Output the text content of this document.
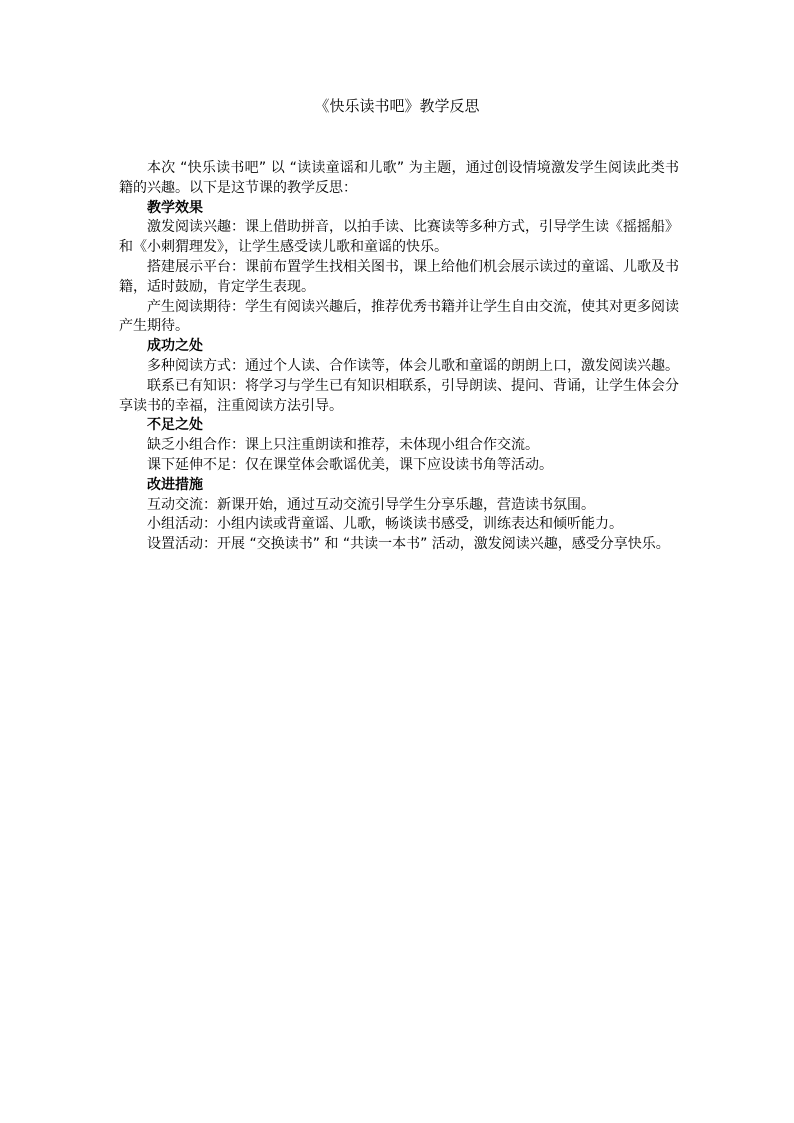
《快乐读书吧》教学反思

本次 “快乐读书吧” 以 “读读童谣和儿歌” 为主题，通过创设情境激发学生阅读此类书籍的兴趣。以下是这节课的教学反思：

教学效果

激发阅读兴趣：课上借助拼音，以拍手读、比赛读等多种方式，引导学生读《摇摇船》和《小刺猬理发》，让学生感受读儿歌和童谣的快乐。

搭建展示平台：课前布置学生找相关图书，课上给他们机会展示读过的童谣、儿歌及书籍，适时鼓励，肯定学生表现。

产生阅读期待：学生有阅读兴趣后，推荐优秀书籍并让学生自由交流，使其对更多阅读产生期待。

成功之处

多种阅读方式：通过个人读、合作读等，体会儿歌和童谣的朗朗上口，激发阅读兴趣。

联系已有知识：将学习与学生已有知识相联系，引导朗读、提问、背诵，让学生体会分享读书的幸福，注重阅读方法引导。

不足之处

缺乏小组合作：课上只注重朗读和推荐，未体现小组合作交流。

课下延伸不足：仅在课堂体会歌谣优美，课下应设读书角等活动。

改进措施

互动交流：新课开始，通过互动交流引导学生分享乐趣，营造读书氛围。

小组活动：小组内读或背童谣、儿歌，畅谈读书感受，训练表达和倾听能力。

设置活动：开展 “交换读书” 和 “共读一本书” 活动，激发阅读兴趣，感受分享快乐。
